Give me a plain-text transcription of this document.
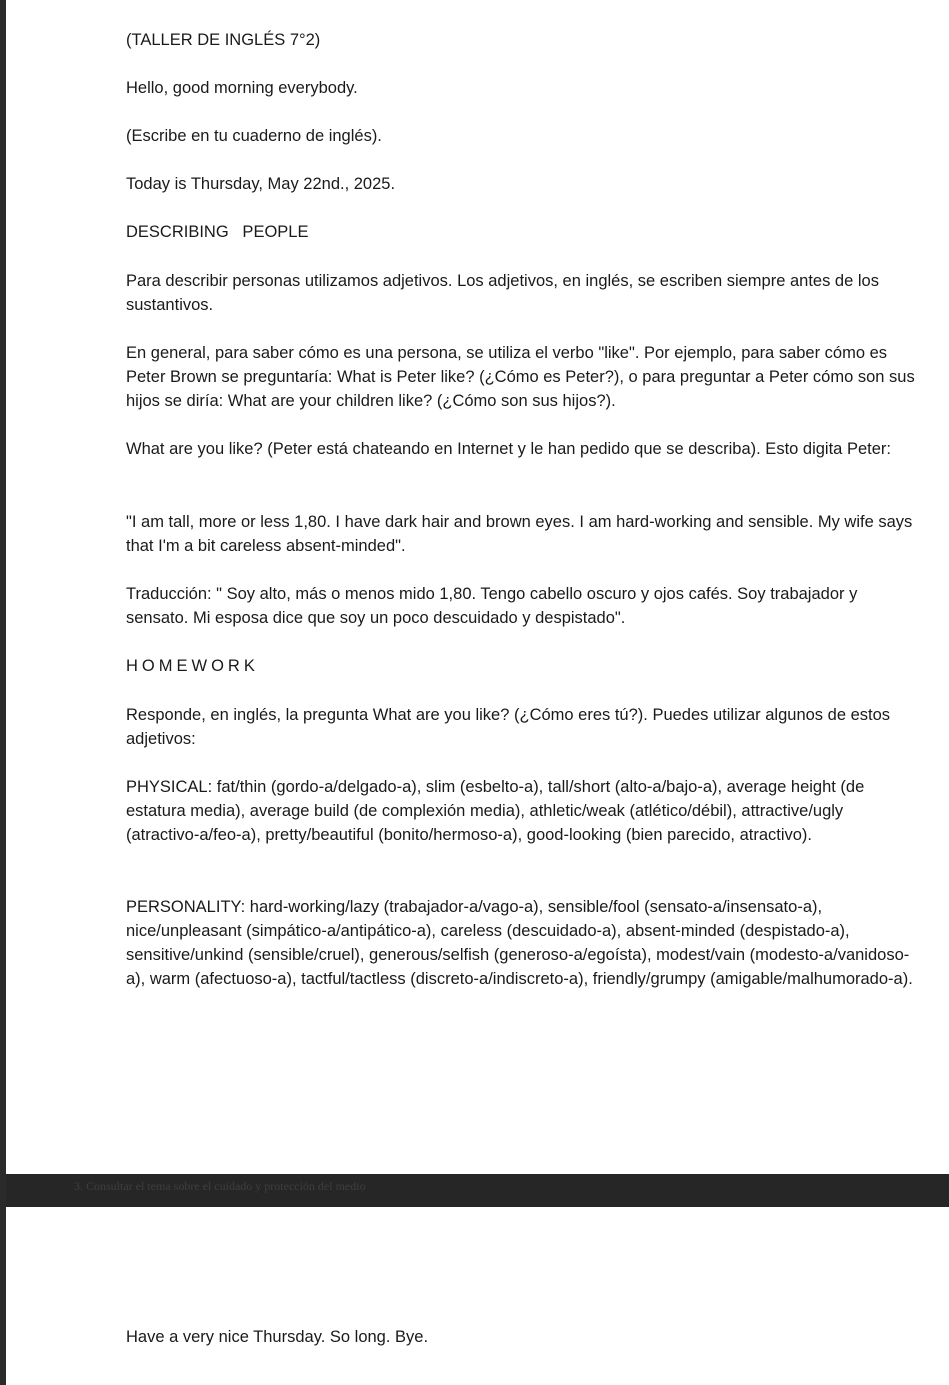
(TALLER DE INGLÉS 7°2)

Hello, good morning everybody.

(Escribe en tu cuaderno de inglés).

Today is Thursday, May 22nd., 2025.

DESCRIBING   PEOPLE

Para describir personas utilizamos adjetivos. Los adjetivos, en inglés, se escriben siempre antes de los sustantivos.

En general, para saber cómo es una persona, se utiliza el verbo "like". Por ejemplo, para saber cómo es Peter Brown se preguntaría: What is Peter like? (¿Cómo es Peter?), o para preguntar a Peter cómo son sus hijos se diría: What are your children like? (¿Cómo son sus hijos?).

What are you like? (Peter está chateando en Internet y le han pedido que se describa). Esto digita Peter:

"I am tall, more or less 1,80. I have dark hair and brown eyes. I am hard-working and sensible. My wife says that I'm a bit careless absent-minded".

Traducción: " Soy alto, más o menos mido 1,80. Tengo cabello oscuro y ojos cafés. Soy trabajador y sensato. Mi esposa dice que soy un poco descuidado y despistado".

HOMEWORK

Responde, en inglés, la pregunta What are you like? (¿Cómo eres tú?). Puedes utilizar algunos de estos adjetivos:

PHYSICAL: fat/thin (gordo-a/delgado-a), slim (esbelto-a), tall/short (alto-a/bajo-a), average height (de estatura media), average build (de complexión media), athletic/weak (atlético/débil), attractive/ugly (atractivo-a/feo-a), pretty/beautiful (bonito/hermoso-a), good-looking (bien parecido, atractivo).

PERSONALITY: hard-working/lazy (trabajador-a/vago-a), sensible/fool (sensato-a/insensato-a), nice/unpleasant (simpático-a/antipático-a), careless (descuidado-a), absent-minded (despistado-a), sensitive/unkind (sensible/cruel), generous/selfish (generoso-a/egoísta), modest/vain (modesto-a/vanidoso-a), warm (afectuoso-a), tactful/tactless (discreto-a/indiscreto-a), friendly/grumpy (amigable/malhumorado-a).

Have a very nice Thursday. So long. Bye.

3. Consultar el tema sobre el cuidado y protección del medio
